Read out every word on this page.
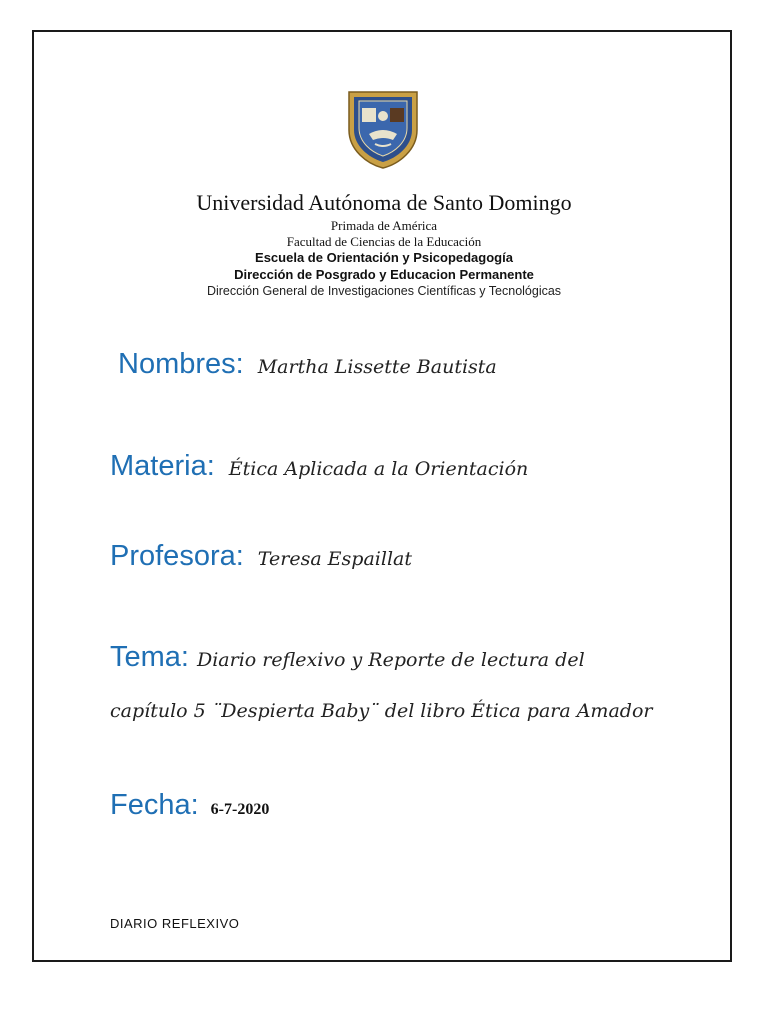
Universidad Autónoma de Santo Domingo
Primada de América
Facultad de Ciencias de la Educación
Escuela de Orientación y Psicopedagogía
Dirección de Posgrado y Educacion Permanente
Dirección General de Investigaciones Científicas y Tecnológicas
Nombres: Martha Lissette Bautista
Materia: Ética Aplicada a la Orientación
Profesora: Teresa Espaillat
Tema: Diario reflexivo y Reporte de lectura del
capítulo 5 ¨Despierta Baby¨ del libro Ética para Amador
Fecha: 6-7-2020
DIARIO REFLEXIVO
